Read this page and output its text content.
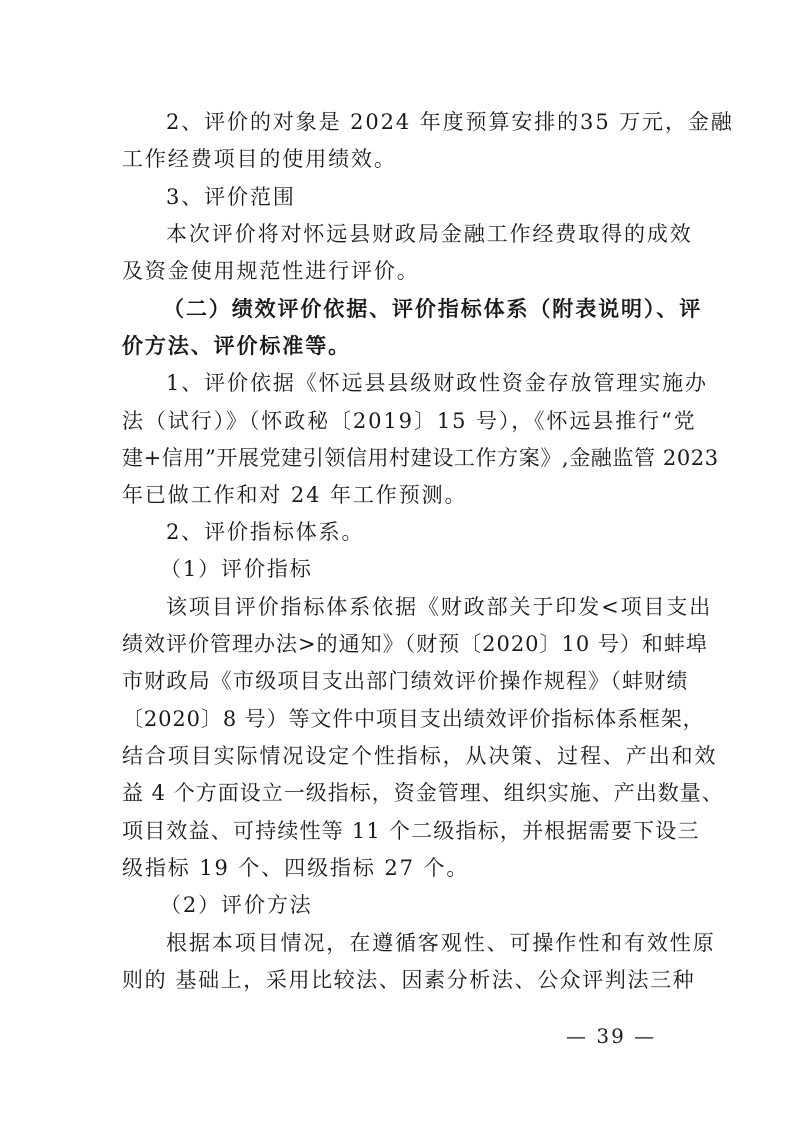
2、评价的对象是 2024 年度预算安排的35 万元，金融
工作经费项目的使用绩效。
3、评价范围
本次评价将对怀远县财政局金融工作经费取得的成效
及资金使用规范性进行评价。
（二）绩效评价依据、评价指标体系（附表说明）、评
价方法、评价标准等。
1、评价依据《怀远县县级财政性资金存放管理实施办
法（试行）》（怀政秘〔2019〕15 号），《怀远县推行“党
建+信用”开展党建引领信用村建设工作方案》,金融监管 2023
年已做工作和对 24 年工作预测。
2、评价指标体系。
（1）评价指标
该项目评价指标体系依据《财政部关于印发<项目支出
绩效评价管理办法>的通知》（财预〔2020〕10 号）和蚌埠
市财政局《市级项目支出部门绩效评价操作规程》（蚌财绩
〔2020〕8 号）等文件中项目支出绩效评价指标体系框架，
结合项目实际情况设定个性指标，从决策、过程、产出和效
益 4 个方面设立一级指标，资金管理、组织实施、产出数量、
项目效益、可持续性等 11 个二级指标，并根据需要下设三
级指标 19 个、四级指标 27 个。
（2）评价方法
根据本项目情况，在遵循客观性、可操作性和有效性原
则的 基础上，采用比较法、因素分析法、公众评判法三种
— 39 —
